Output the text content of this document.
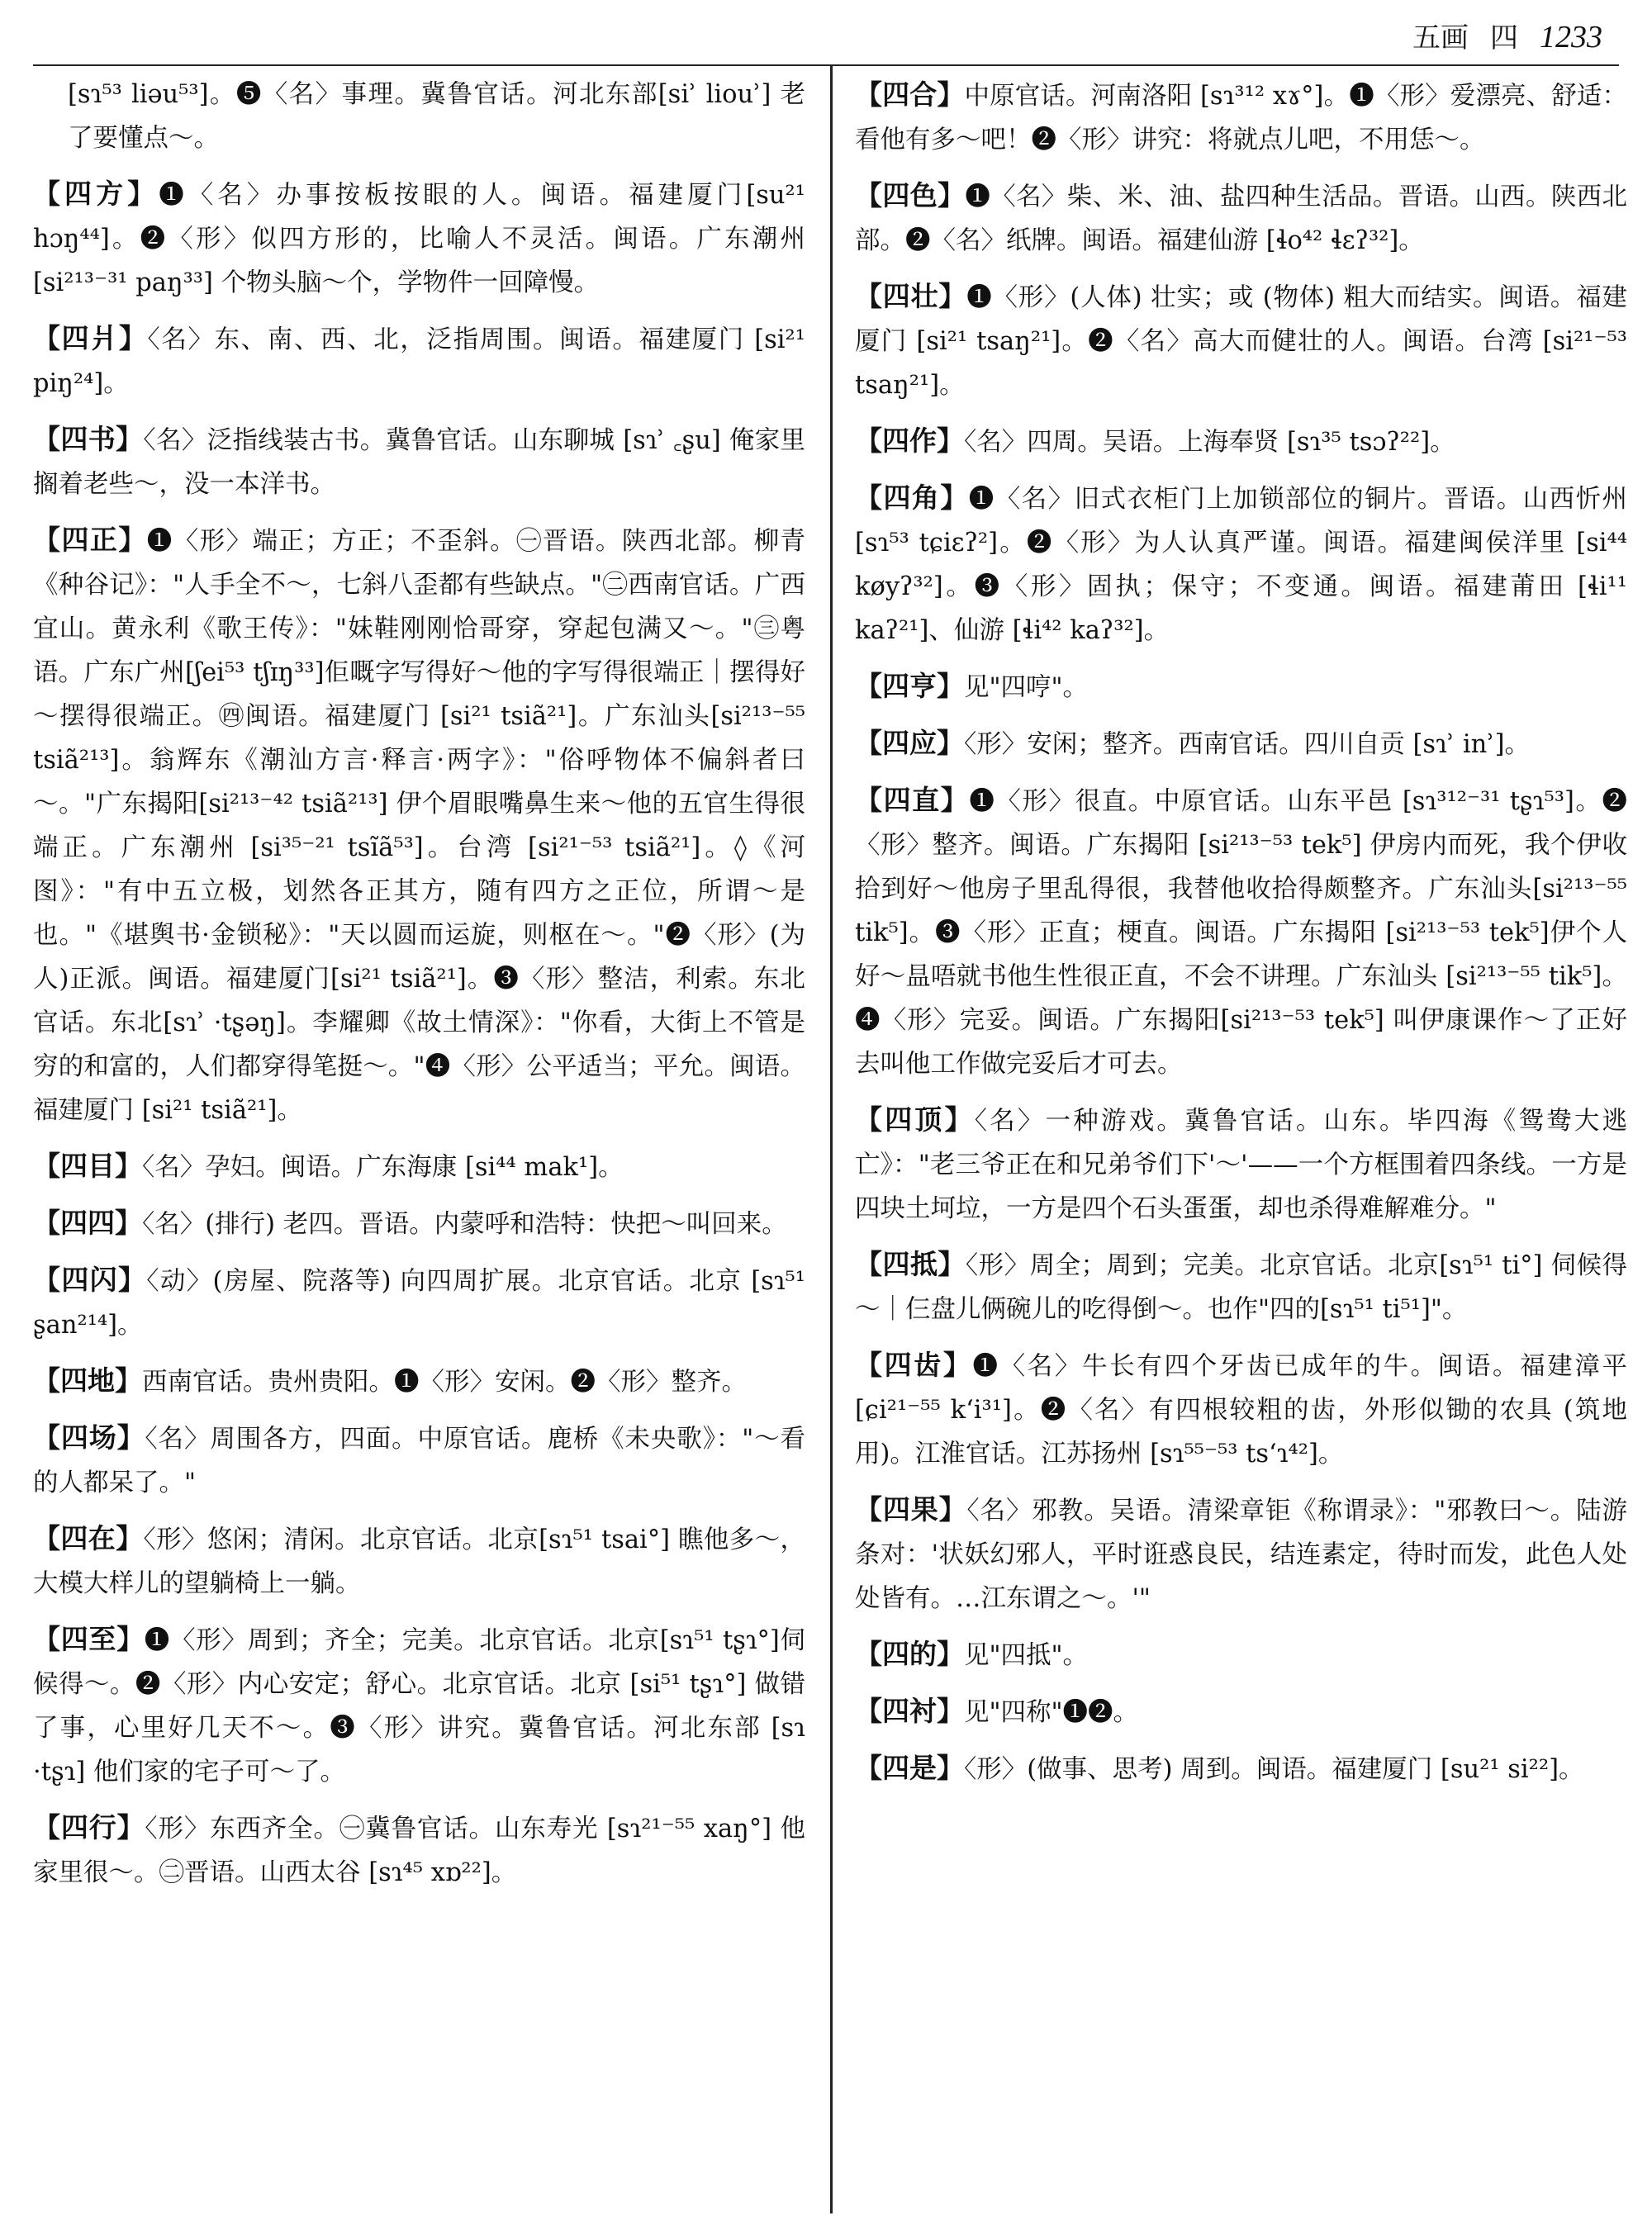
五画 四 1233

[sɿ⁵³ liəu⁵³]。❺〈名〉事理。冀鲁官话。河北东部[siʾ liouʾ] 老了要懂点～。

【四方】❶〈名〉办事按板按眼的人。闽语。福建厦门[su²¹ hɔŋ⁴⁴]。❷〈形〉似四方形的，比喻人不灵活。闽语。广东潮州 [si²¹³⁻³¹ paŋ³³] 个物头脑～个，学物件一回障慢。

【四爿】〈名〉东、南、西、北，泛指周围。闽语。福建厦门 [si²¹ piŋ²⁴]。

【四书】〈名〉泛指线装古书。冀鲁官话。山东聊城 [sɿʾ ꜀ʂu] 俺家里搁着老些～，没一本洋书。

【四正】❶〈形〉端正；方正；不歪斜。㊀晋语。陕西北部。柳青《种谷记》："人手全不～，七斜八歪都有些缺点。"㊁西南官话。广西宜山。黄永利《歌王传》："妹鞋刚刚恰哥穿，穿起包满又～。"㊂粤语。广东广州[ʃei⁵³ tʃɪŋ³³]佢嘅字写得好～他的字写得很端正｜摆得好～摆得很端正。㊃闽语。福建厦门 [si²¹ tsiã²¹]。广东汕头[si²¹³⁻⁵⁵ tsiã²¹³]。翁辉东《潮汕方言·释言·两字》："俗呼物体不偏斜者曰～。"广东揭阳[si²¹³⁻⁴² tsiã²¹³] 伊个眉眼嘴鼻生来～他的五官生得很端正。广东潮州 [si³⁵⁻²¹ tsĩã⁵³]。台湾 [si²¹⁻⁵³ tsiã²¹]。◊《河图》："有中五立极，划然各正其方，随有四方之正位，所谓～是也。"《堪舆书·金锁秘》："天以圆而运旋，则枢在～。"❷〈形〉(为人)正派。闽语。福建厦门[si²¹ tsiã²¹]。❸〈形〉整洁，利索。东北官话。东北[sɿʾ ·tʂəŋ]。李耀卿《故土情深》："你看，大街上不管是穷的和富的，人们都穿得笔挺～。"❹〈形〉公平适当；平允。闽语。福建厦门 [si²¹ tsiã²¹]。

【四目】〈名〉孕妇。闽语。广东海康 [si⁴⁴ mak¹]。

【四四】〈名〉(排行) 老四。晋语。内蒙呼和浩特：快把～叫回来。

【四闪】〈动〉(房屋、院落等) 向四周扩展。北京官话。北京 [sɿ⁵¹ ʂan²¹⁴]。

【四地】西南官话。贵州贵阳。❶〈形〉安闲。❷〈形〉整齐。

【四场】〈名〉周围各方，四面。中原官话。鹿桥《未央歌》："～看的人都呆了。"

【四在】〈形〉悠闲；清闲。北京官话。北京[sɿ⁵¹ tsai°] 瞧他多～，大模大样儿的望躺椅上一躺。

【四至】❶〈形〉周到；齐全；完美。北京官话。北京[sɿ⁵¹ tʂɿ°]伺候得～。❷〈形〉内心安定；舒心。北京官话。北京 [si⁵¹ tʂɿ°] 做错了事，心里好几天不～。❸〈形〉讲究。冀鲁官话。河北东部 [sɿ ·tʂɿ] 他们家的宅子可～了。

【四行】〈形〉东西齐全。㊀冀鲁官话。山东寿光 [sɿ²¹⁻⁵⁵ xaŋ°] 他家里很～。㊁晋语。山西太谷 [sɿ⁴⁵ xɒ²²]。

【四合】中原官话。河南洛阳 [sɿ³¹² xɤ°]。❶〈形〉爱漂亮、舒适：看他有多～吧！❷〈形〉讲究：将就点儿吧，不用恁～。

【四色】❶〈名〉柴、米、油、盐四种生活品。晋语。山西。陕西北部。❷〈名〉纸牌。闽语。福建仙游 [ɬo⁴² ɬɛʔ³²]。

【四壮】❶〈形〉(人体) 壮实；或 (物体) 粗大而结实。闽语。福建厦门 [si²¹ tsaŋ²¹]。❷〈名〉高大而健壮的人。闽语。台湾 [si²¹⁻⁵³ tsaŋ²¹]。

【四作】〈名〉四周。吴语。上海奉贤 [sɿ³⁵ tsɔʔ²²]。

【四角】❶〈名〉旧式衣柜门上加锁部位的铜片。晋语。山西忻州 [sɿ⁵³ tɕiɛʔ²]。❷〈形〉为人认真严谨。闽语。福建闽侯洋里 [si⁴⁴ køyʔ³²]。❸〈形〉固执；保守；不变通。闽语。福建莆田 [ɬi¹¹ kaʔ²¹]、仙游 [ɬi⁴² kaʔ³²]。

【四亨】见"四哼"。

【四应】〈形〉安闲；整齐。西南官话。四川自贡 [sɿʾ inʾ]。

【四直】❶〈形〉很直。中原官话。山东平邑 [sɿ³¹²⁻³¹ tʂɿ⁵³]。❷〈形〉整齐。闽语。广东揭阳 [si²¹³⁻⁵³ tek⁵] 伊房内而死，我个伊收拾到好～他房子里乱得很，我替他收拾得颇整齐。广东汕头[si²¹³⁻⁵⁵ tik⁵]。❸〈形〉正直；梗直。闽语。广东揭阳 [si²¹³⁻⁵³ tek⁵]伊个人好～昷唔就书他生性很正直，不会不讲理。广东汕头 [si²¹³⁻⁵⁵ tik⁵]。❹〈形〉完妥。闽语。广东揭阳[si²¹³⁻⁵³ tek⁵] 叫伊康课作～了正好去叫他工作做完妥后才可去。

【四顶】〈名〉一种游戏。冀鲁官话。山东。毕四海《鸳鸯大逃亡》："老三爷正在和兄弟爷们下'～'——一个方框围着四条线。一方是四块土坷垃，一方是四个石头蛋蛋，却也杀得难解难分。"

【四抵】〈形〉周全；周到；完美。北京官话。北京[sɿ⁵¹ ti°] 伺候得～｜仨盘儿俩碗儿的吃得倒～。也作"四的[sɿ⁵¹ ti⁵¹]"。

【四齿】❶〈名〉牛长有四个牙齿已成年的牛。闽语。福建漳平[ɕi²¹⁻⁵⁵ kʻi³¹]。❷〈名〉有四根较粗的齿，外形似锄的农具 (筑地用)。江淮官话。江苏扬州 [sɿ⁵⁵⁻⁵³ tsʻɿ⁴²]。

【四果】〈名〉邪教。吴语。清梁章钜《称谓录》："邪教曰～。陆游条对：'状妖幻邪人，平时诳惑良民，结连素定，待时而发，此色人处处皆有。…江东谓之～。'"

【四的】见"四抵"。

【四衬】见"四称"❶❷。

【四是】〈形〉(做事、思考) 周到。闽语。福建厦门 [su²¹ si²²]。
